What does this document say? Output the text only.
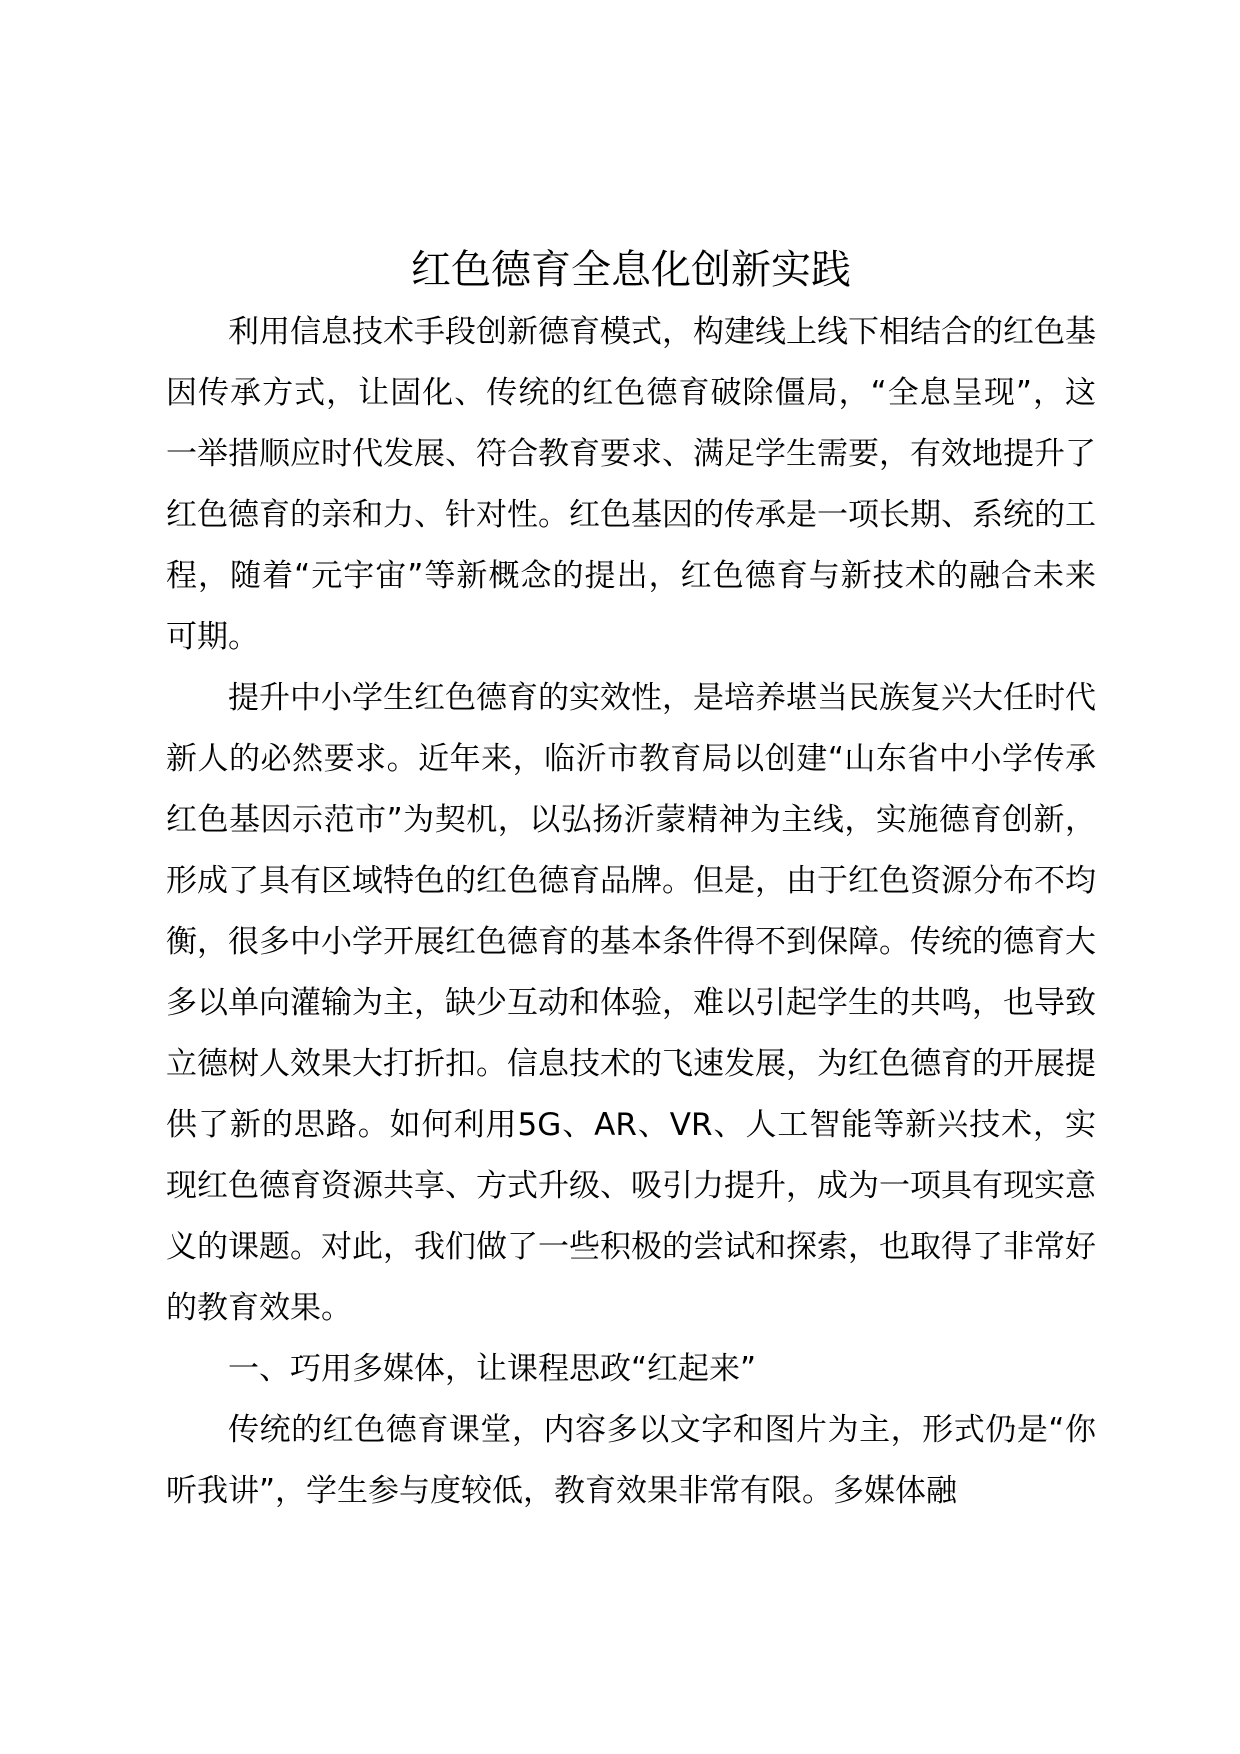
红色德育全息化创新实践

利用信息技术手段创新德育模式，构建线上线下相结合的红色基因传承方式，让固化、传统的红色德育破除僵局，“全息呈现”，这一举措顺应时代发展、符合教育要求、满足学生需要，有效地提升了红色德育的亲和力、针对性。红色基因的传承是一项长期、系统的工程，随着“元宇宙”等新概念的提出，红色德育与新技术的融合未来可期。

提升中小学生红色德育的实效性，是培养堪当民族复兴大任时代新人的必然要求。近年来，临沂市教育局以创建“山东省中小学传承红色基因示范市”为契机，以弘扬沂蒙精神为主线，实施德育创新，形成了具有区域特色的红色德育品牌。但是，由于红色资源分布不均衡，很多中小学开展红色德育的基本条件得不到保障。传统的德育大多以单向灌输为主，缺少互动和体验，难以引起学生的共鸣，也导致立德树人效果大打折扣。信息技术的飞速发展，为红色德育的开展提供了新的思路。如何利用5G、AR、VR、人工智能等新兴技术，实现红色德育资源共享、方式升级、吸引力提升，成为一项具有现实意义的课题。对此，我们做了一些积极的尝试和探索，也取得了非常好的教育效果。

一、巧用多媒体，让课程思政“红起来”

传统的红色德育课堂，内容多以文字和图片为主，形式仍是“你听我讲”，学生参与度较低，教育效果非常有限。多媒体融
